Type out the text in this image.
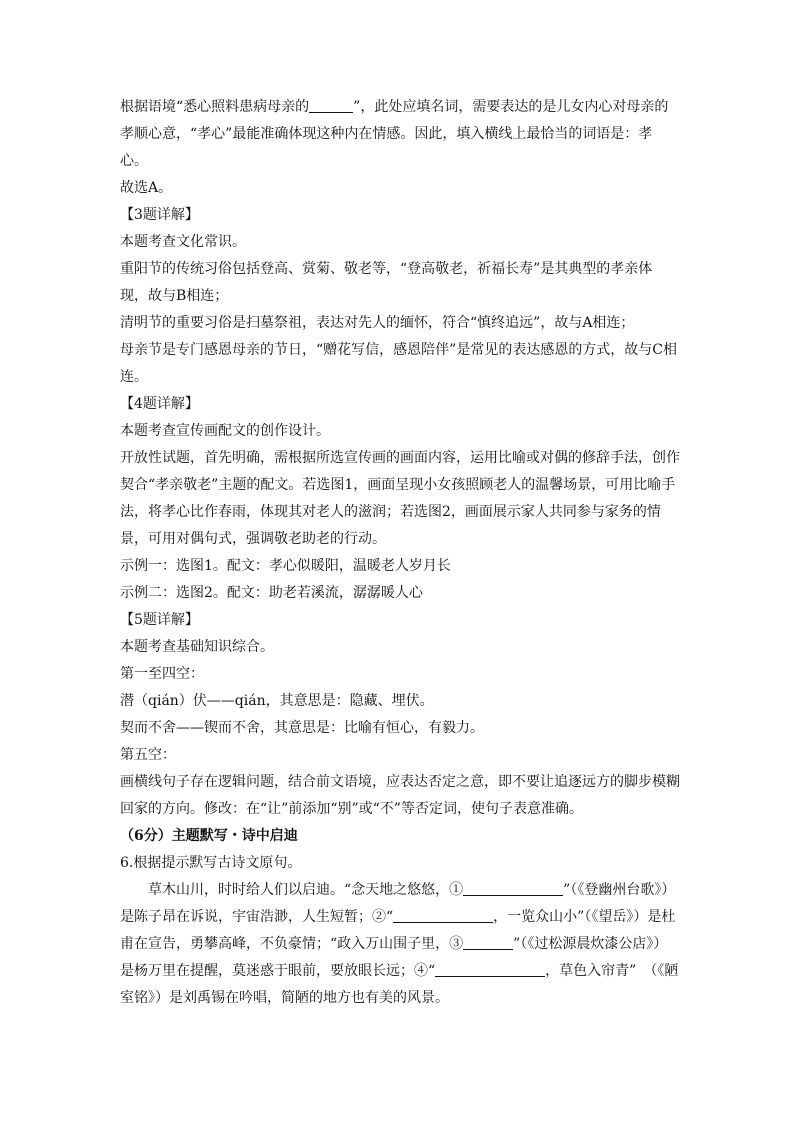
根据语境“悉心照料患病母亲的	”，此处应填名词，需要表达的是儿女内心对母亲的孝顺心意，“孝心”最能准确体现这种内在情感。因此，填入横线上最恰当的词语是：孝心。

故选A。

【3题详解】

本题考查文化常识。

重阳节的传统习俗包括登高、赏菊、敬老等，“登高敬老，祈福长寿”是其典型的孝亲体现，故与B相连；

清明节的重要习俗是扫墓祭祖，表达对先人的缅怀，符合“慎终追远”，故与A相连；

母亲节是专门感恩母亲的节日，“赠花写信，感恩陪伴”是常见的表达感恩的方式，故与C相连。

【4题详解】

本题考查宣传画配文的创作设计。

开放性试题，首先明确，需根据所选宣传画的画面内容，运用比喻或对偶的修辞手法，创作契合“孝亲敬老”主题的配文。若选图1，画面呈现小女孩照顾老人的温馨场景，可用比喻手法，将孝心比作春雨，体现其对老人的滋润；若选图2，画面展示家人共同参与家务的情景，可用对偶句式，强调敬老助老的行动。

示例一：选图1。配文：孝心似暖阳，温暖老人岁月长

示例二：选图2。配文：助老若溪流，潺潺暖人心

【5题详解】

本题考查基础知识综合。

第一至四空：

潜（qián）伏——qián，其意思是：隐藏、埋伏。

契而不舍——锲而不舍，其意思是：比喻有恒心，有毅力。

第五空：

画横线句子存在逻辑问题，结合前文语境，应表达否定之意，即不要让追逐远方的脚步模糊回家的方向。修改：在“让”前添加“别”或“不”等否定词，使句子表意准确。

（6分）主题默写・诗中启迪

6.根据提示默写古诗文原句。

草木山川，时时给人们以启迪。“念天地之悠悠，①	”（《登幽州台歌》）是陈子昂在诉说，宇宙浩渺，人生短暂；②“	，一览众山小”（《望岳》）是杜甫在宣告，勇攀高峰，不负豪情；“政入万山围子里，③	”（《过松源晨炊漆公店》）是杨万里在提醒，莫迷惑于眼前，要放眼长远；④“	，草色入帘青”　（《陋室铭》）是刘禹锡在吟唱，简陋的地方也有美的风景。
